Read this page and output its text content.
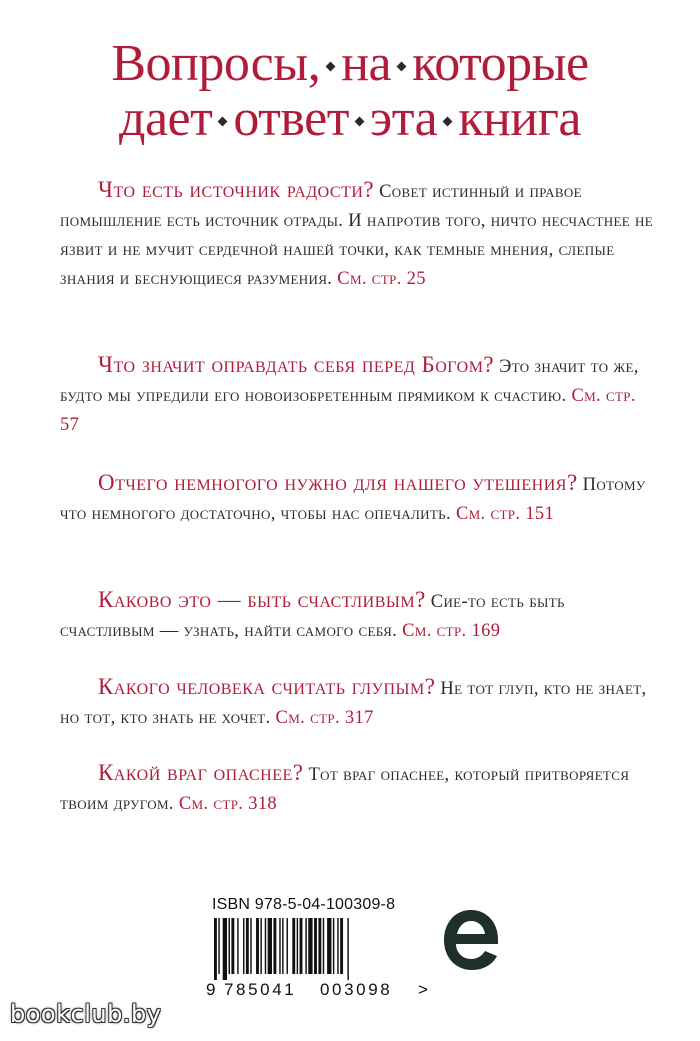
Вопросы, на которые
дает ответ эта книга

Что есть источник радости? Совет истинный и правое помышление есть источник отрады. И напротив того, ничто несчастнее не язвит и не мучит сердечной нашей точки, как темные мнения, слепые знания и беснующиеся разумения. См. стр. 25

Что значит оправдать себя перед Богом? Это значит то же, будто мы упредили его новоизобретенным прямиком к счастию. См. стр. 57

Отчего немногого нужно для нашего утешения? Потому что немногого достаточно, чтобы нас опечалить. См. стр. 151

Каково это — быть счастливым? Сие-то есть быть счастливым — узнать, найти самого себя. См. стр. 169

Какого человека считать глупым? Не тот глуп, кто не знает, но тот, кто знать не хочет. См. стр. 317

Какой враг опаснее? Тот враг опаснее, который притворяется твоим другом. См. стр. 318

ISBN 978-5-04-100309-8
9 785041 003098 >
bookclub.by
